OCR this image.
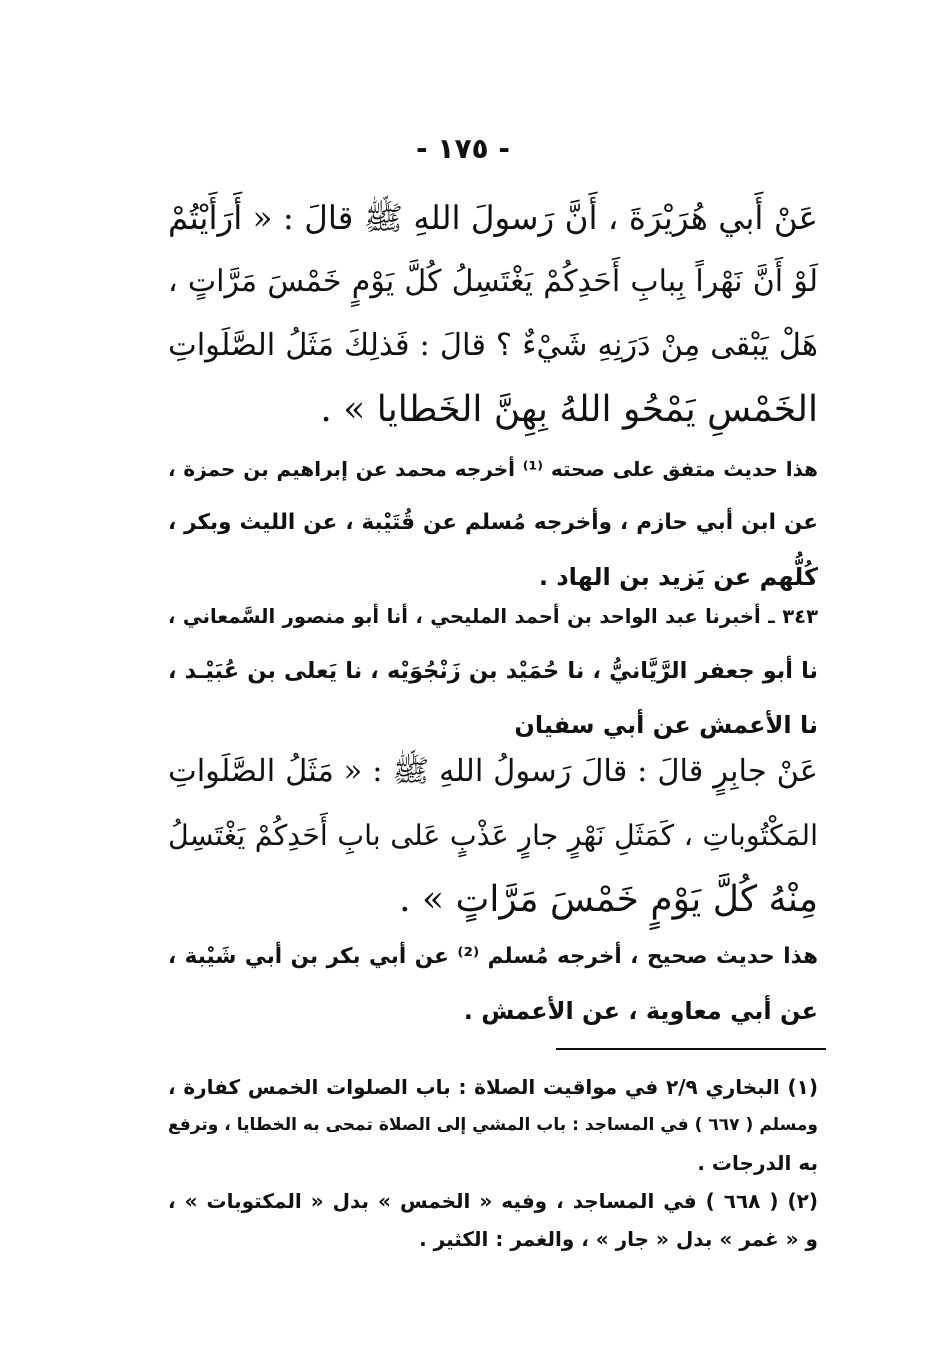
- ١٧٥ -
عَنْ أَبي هُرَيْرَةَ ، أَنَّ رَسولَ اللهِ ﷺ قالَ : « أَرَأَيْتُمْ
لَوْ أَنَّ نَهْراً بِبابِ أَحَدِكُمْ يَغْتَسِلُ كُلَّ يَوْمٍ خَمْسَ مَرَّاتٍ ،
هَلْ يَبْقى مِنْ دَرَنِهِ شَيْءٌ ؟ قالَ : فَذلِكَ مَثَلُ الصَّلَواتِ
الخَمْسِ يَمْحُو اللهُ بِهِنَّ الخَطايا » .
هذا حديث متفق على صحته ⁽¹⁾ أخرجه محمد عن إبراهيم بن حمزة ،
عن ابن أبي حازم ، وأخرجه مُسلم عن قُتَيْبة ، عن الليث وبكر ،
كُلُّهم عن يَزيد بن الهاد .
٣٤٣ ـ أخبرنا عبد الواحد بن أحمد المليحي ، أنا أبو منصور السَّمعاني ،
نا أبو جعفر الرَّيَّانيُّ ، نا حُمَيْد بن زَنْجُوَيْه ، نا يَعلى بن عُبَيْـد ،
نا الأعمش عن أبي سفيان
عَنْ جابِرٍ قالَ : قالَ رَسولُ اللهِ ﷺ : « مَثَلُ الصَّلَواتِ
المَكْتُوباتِ ، كَمَثَلِ نَهْرٍ جارٍ عَذْبٍ عَلى بابِ أَحَدِكُمْ يَغْتَسِلُ
مِنْهُ كُلَّ يَوْمٍ خَمْسَ مَرَّاتٍ » .
هذا حديث صحيح ، أخرجه مُسلم ⁽²⁾ عن أبي بكر بن أبي شَيْبة ،
عن أبي معاوية ، عن الأعمش .
(١) البخاري ٢/٩ في مواقيت الصلاة : باب الصلوات الخمس كفارة ،
ومسلم ( ٦٦٧ ) في المساجد : باب المشي إلى الصلاة تمحى به الخطايا ، وترفع
به الدرجات .
(٢) ( ٦٦٨ ) في المساجد ، وفيه « الخمس » بدل « المكتوبات » ،
و « غمر » بدل « جار » ، والغمر : الكثير .
